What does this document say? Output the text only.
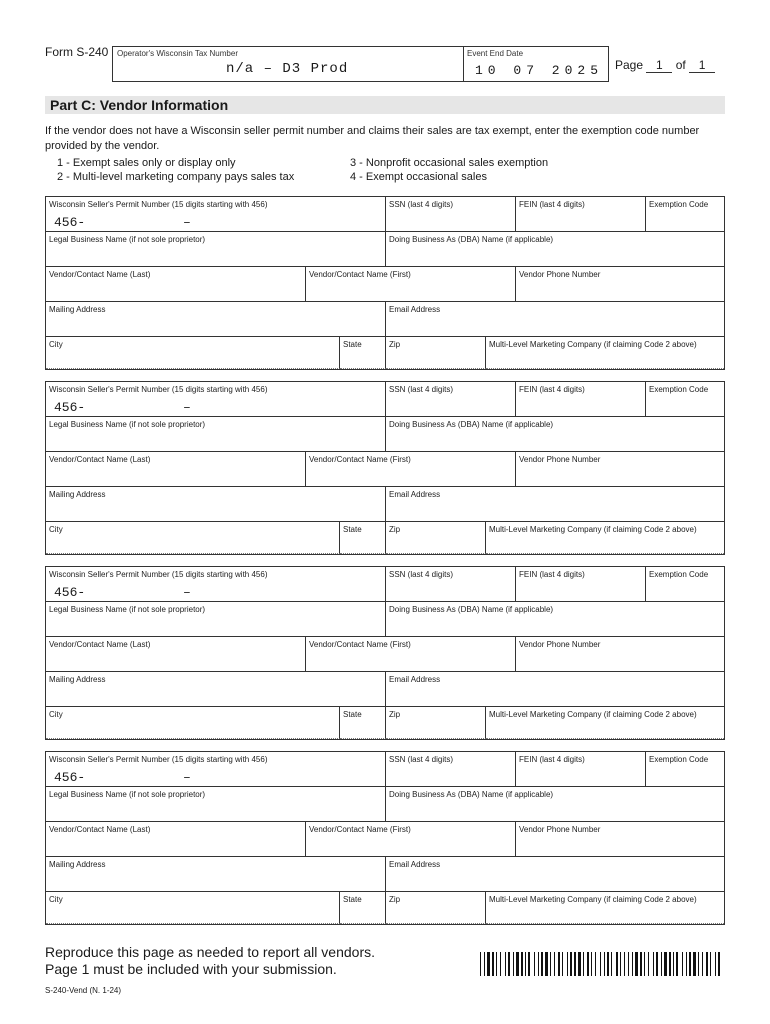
Form S-240 Operator's Wisconsin Tax Number
n/a – D3 Prod
Event End Date
10 07 2025 Page 1 of 1
Part C: Vendor Information
If the vendor does not have a Wisconsin seller permit number and claims their sales are tax exempt, enter the exemption code number provided by the vendor.
1 - Exempt sales only or display only
2 - Multi-level marketing company pays sales tax
3 - Nonprofit occasional sales exemption
4 - Exempt occasional sales
Wisconsin Seller's Permit Number (15 digits starting with 456)
456-	–
SSN (last 4 digits)	FEIN (last 4 digits)	Exemption Code
Legal Business Name (if not sole proprietor)	Doing Business As (DBA) Name (if applicable)
Vendor/Contact Name (Last)	Vendor/Contact Name (First)	Vendor Phone Number
Mailing Address	Email Address
City	State	Zip	Multi-Level Marketing Company (if claiming Code 2 above)
Wisconsin Seller's Permit Number (15 digits starting with 456)
456-	–
SSN (last 4 digits)	FEIN (last 4 digits)	Exemption Code
Legal Business Name (if not sole proprietor)	Doing Business As (DBA) Name (if applicable)
Vendor/Contact Name (Last)	Vendor/Contact Name (First)	Vendor Phone Number
Mailing Address	Email Address
City	State	Zip	Multi-Level Marketing Company (if claiming Code 2 above)
Wisconsin Seller's Permit Number (15 digits starting with 456)
456-	–
SSN (last 4 digits)	FEIN (last 4 digits)	Exemption Code
Legal Business Name (if not sole proprietor)	Doing Business As (DBA) Name (if applicable)
Vendor/Contact Name (Last)	Vendor/Contact Name (First)	Vendor Phone Number
Mailing Address	Email Address
City	State	Zip	Multi-Level Marketing Company (if claiming Code 2 above)
Wisconsin Seller's Permit Number (15 digits starting with 456)
456-	–
SSN (last 4 digits)	FEIN (last 4 digits)	Exemption Code
Legal Business Name (if not sole proprietor)	Doing Business As (DBA) Name (if applicable)
Vendor/Contact Name (Last)	Vendor/Contact Name (First)	Vendor Phone Number
Mailing Address	Email Address
City	State	Zip	Multi-Level Marketing Company (if claiming Code 2 above)
Reproduce this page as needed to report all vendors.
Page 1 must be included with your submission.
S-240-Vend (N. 1-24)
